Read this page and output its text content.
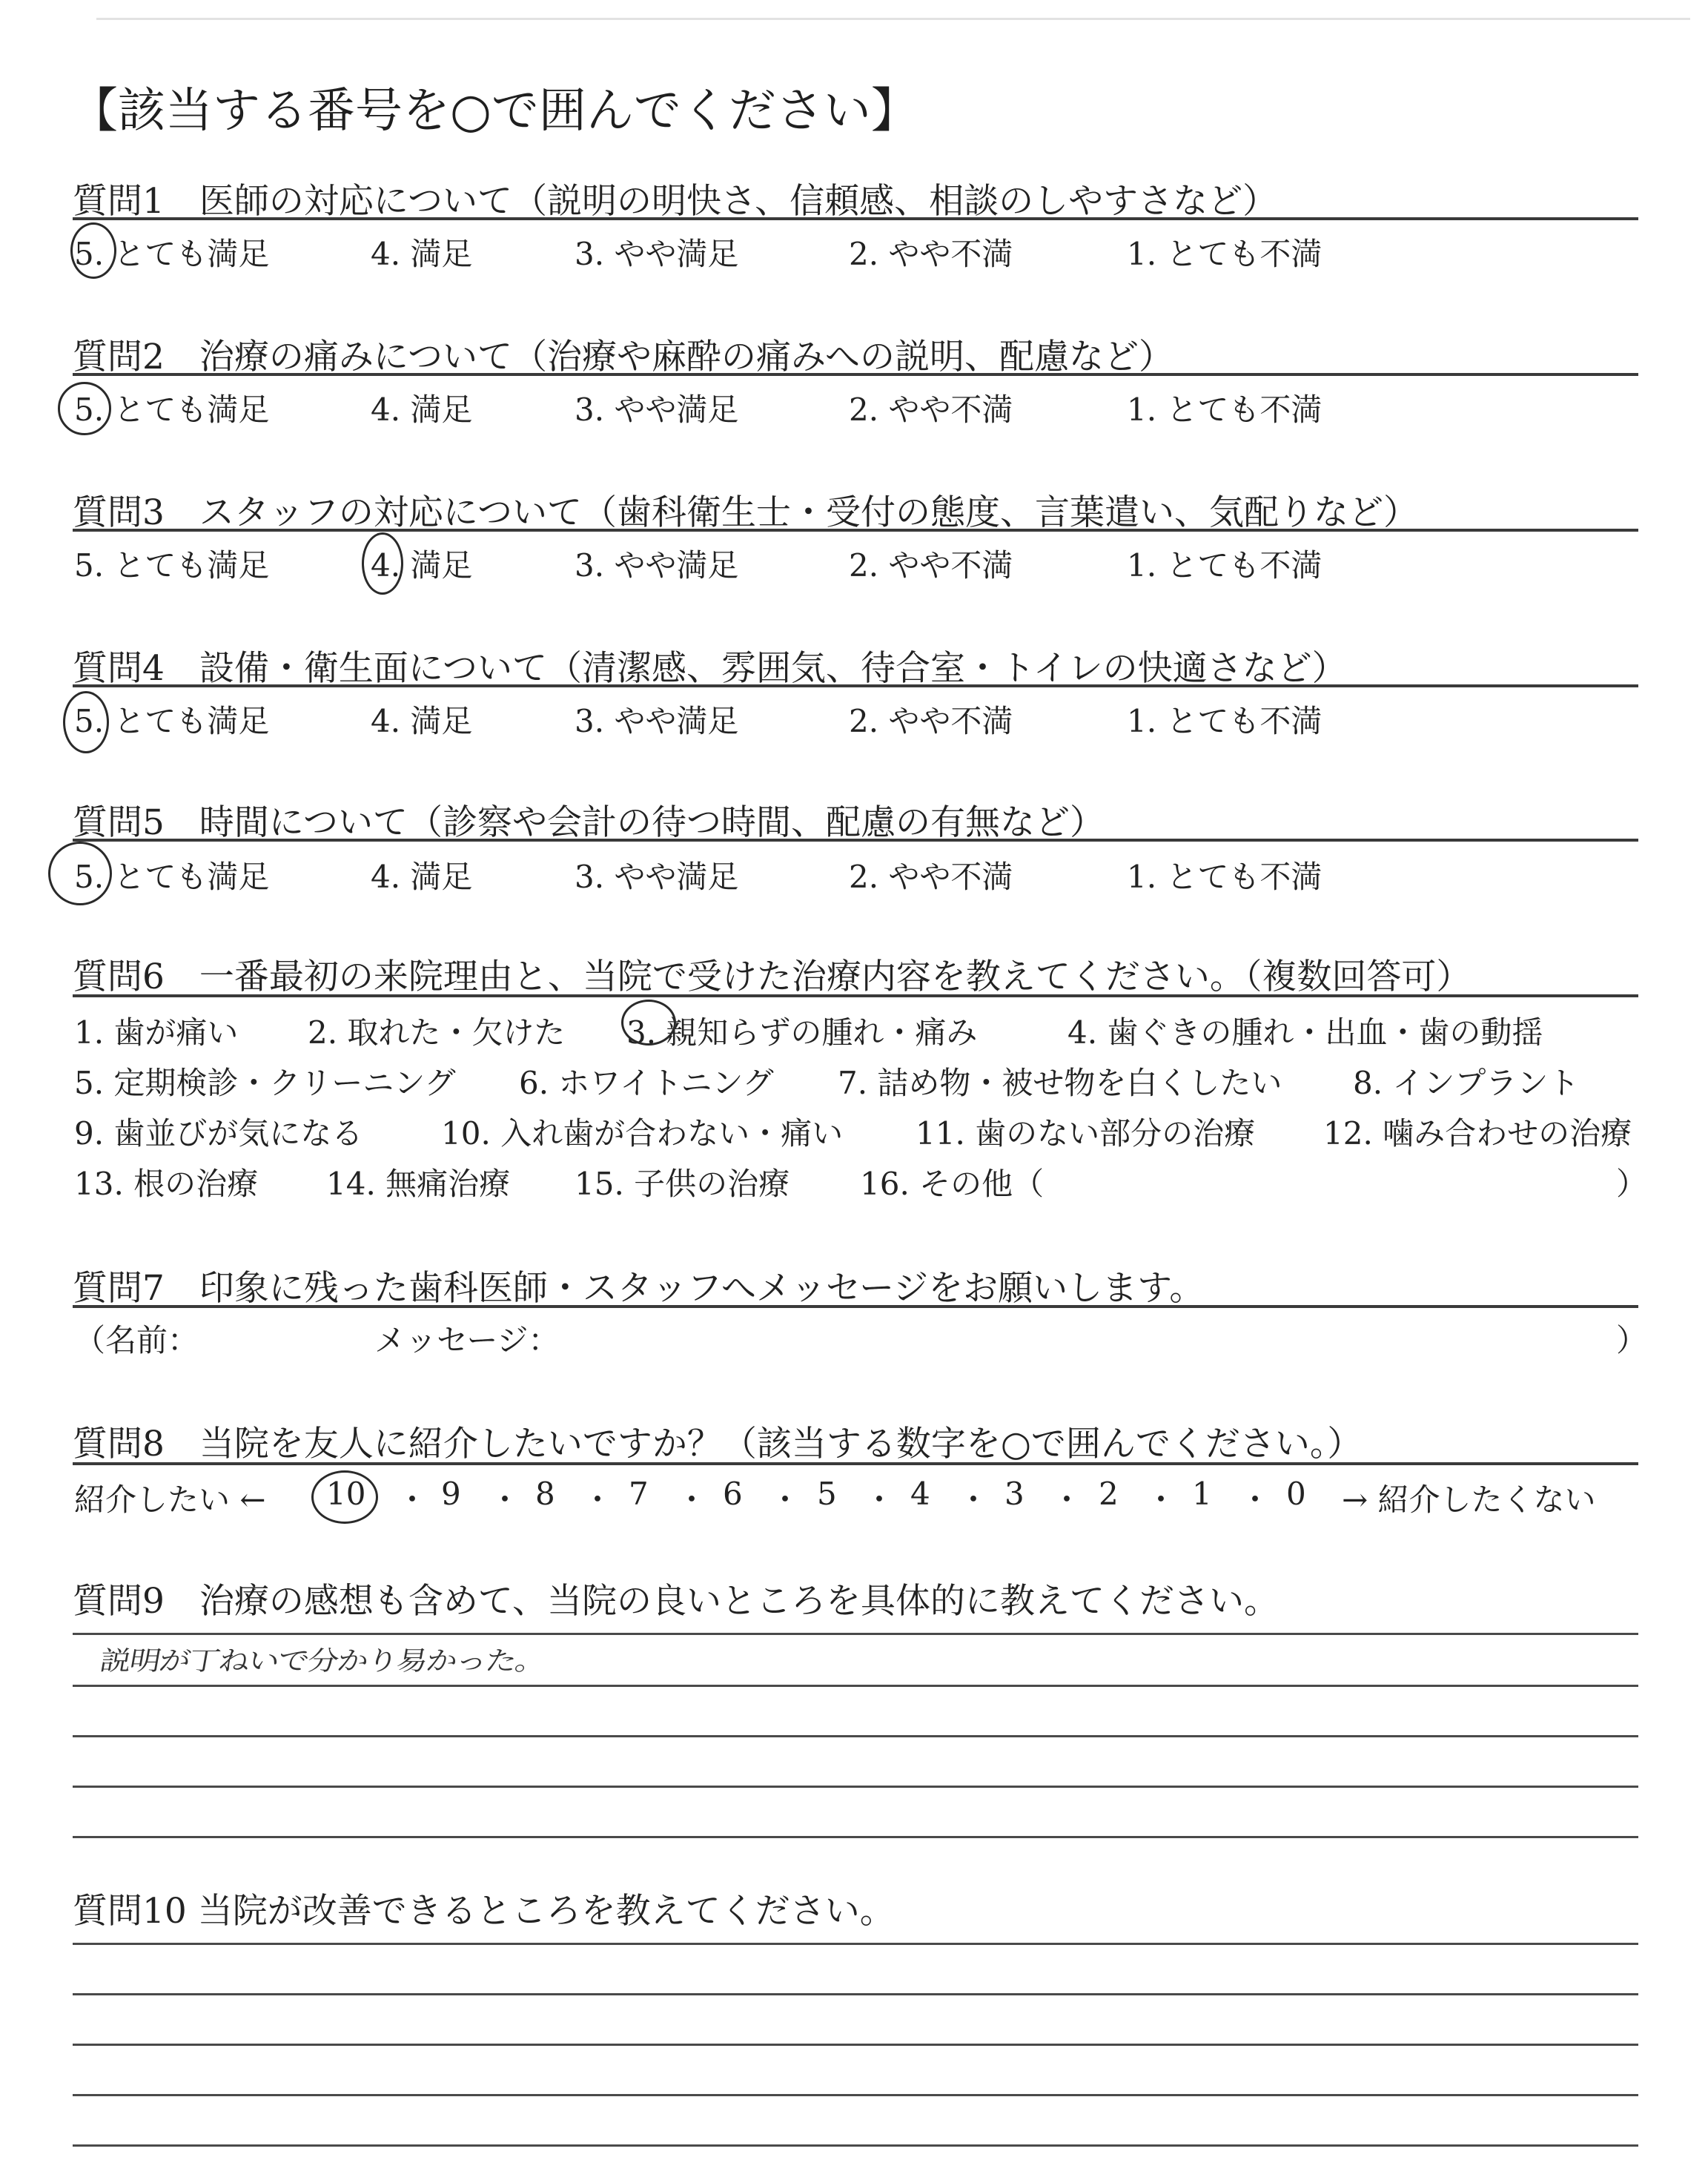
【該当する番号を○で囲んでください】
質問1　医師の対応について（説明の明快さ、信頼感、相談のしやすさなど）
5. とても満足	4. 満足	3. やや満足	2. やや不満	1. とても不満
質問2　治療の痛みについて（治療や麻酔の痛みへの説明、配慮など）
5. とても満足	4. 満足	3. やや満足	2. やや不満	1. とても不満
質問3　スタッフの対応について（歯科衛生士・受付の態度、言葉遣い、気配りなど）
5. とても満足	4. 満足	3. やや満足	2. やや不満	1. とても不満
質問4　設備・衛生面について（清潔感、雰囲気、待合室・トイレの快適さなど）
5. とても満足	4. 満足	3. やや満足	2. やや不満	1. とても不満
質問5　時間について（診察や会計の待つ時間、配慮の有無など）
5. とても満足	4. 満足	3. やや満足	2. やや不満	1. とても不満
質問6　一番最初の来院理由と、当院で受けた治療内容を教えてください。（複数回答可）
1. 歯が痛い 2. 取れた・欠けた 3. 親知らずの腫れ・痛み	4. 歯ぐきの腫れ・出血・歯の動揺
5. 定期検診・クリーニング 6. ホワイトニング 7. 詰め物・被せ物を白くしたい 8. インプラント
9. 歯並びが気になる	10. 入れ歯が合わない・痛い 11. 歯のない部分の治療 12. 噛み合わせの治療
13. 根の治療 14. 無痛治療 15. 子供の治療 16. その他（	）
質問7　印象に残った歯科医師・スタッフへメッセージをお願いします。
（名前：	メッセージ：	）
質問8　当院を友人に紹介したいですか？（該当する数字を○で囲んでください。）
紹介したい ← 10 ・ 9 ・ 8 ・ 7 ・ 6 ・ 5 ・ 4 ・ 3 ・ 2 ・ 1 ・ 0 → 紹介したくない
質問9　治療の感想も含めて、当院の良いところを具体的に教えてください。
説明が丁ねいで分かり易かった。
質問10 当院が改善できるところを教えてください。
